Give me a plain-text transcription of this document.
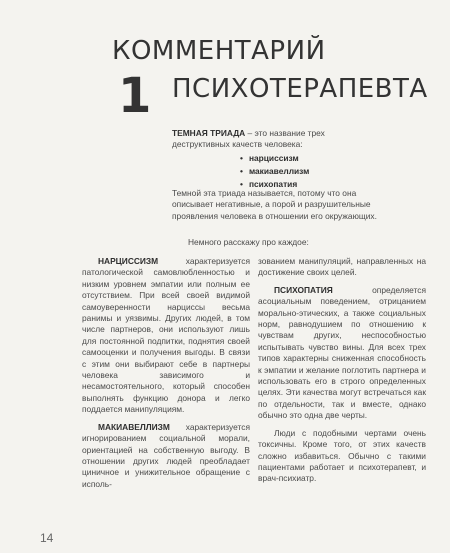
КОММЕНТАРИЙ
1 ПСИХОТЕРАПЕВТА

ТЕМНАЯ ТРИАДА – это название трех деструктивных качеств человека:

• нарциссизм
• макиавеллизм
• психопатия

Темной эта триада называется, потому что она описывает негативные, а порой и разрушительные проявления человека в отношении его окружающих.

Немного расскажу про каждое:

НАРЦИССИЗМ характеризуется патологической самовлюбленностью и низким уровнем эмпатии или полным ее отсутствием. При всей своей видимой самоуверенности нарциссы весьма ранимы и уязвимы. Других людей, в том числе партнеров, они используют лишь для постоянной подпитки, поднятия своей самооценки и получения выгоды. В связи с этим они выбирают себе в партнеры человека зависимого и несамостоятельного, который способен выполнять функцию донора и легко поддается манипуляциям.

МАКИАВЕЛЛИЗМ характеризуется игнорированием социальной морали, ориентацией на собственную выгоду. В отношении других людей преобладает циничное и унижительное обращение с исполь-

зованием манипуляций, направленных на достижение своих целей.

ПСИХОПАТИЯ определяется асоциальным поведением, отрицанием морально-этических, а также социальных норм, равнодушием по отношению к чувствам других, неспособностью испытывать чувство вины. Для всех трех типов характерны сниженная способность к эмпатии и желание поглотить партнера и использовать его в строго определенных целях. Эти качества могут встречаться как по отдельности, так и вместе, однако обычно это одна две черты.

Люди с подобными чертами очень токсичны. Кроме того, от этих качеств сложно избавиться. Обычно с такими пациентами работает и психотерапевт, и врач-психиатр.

14
